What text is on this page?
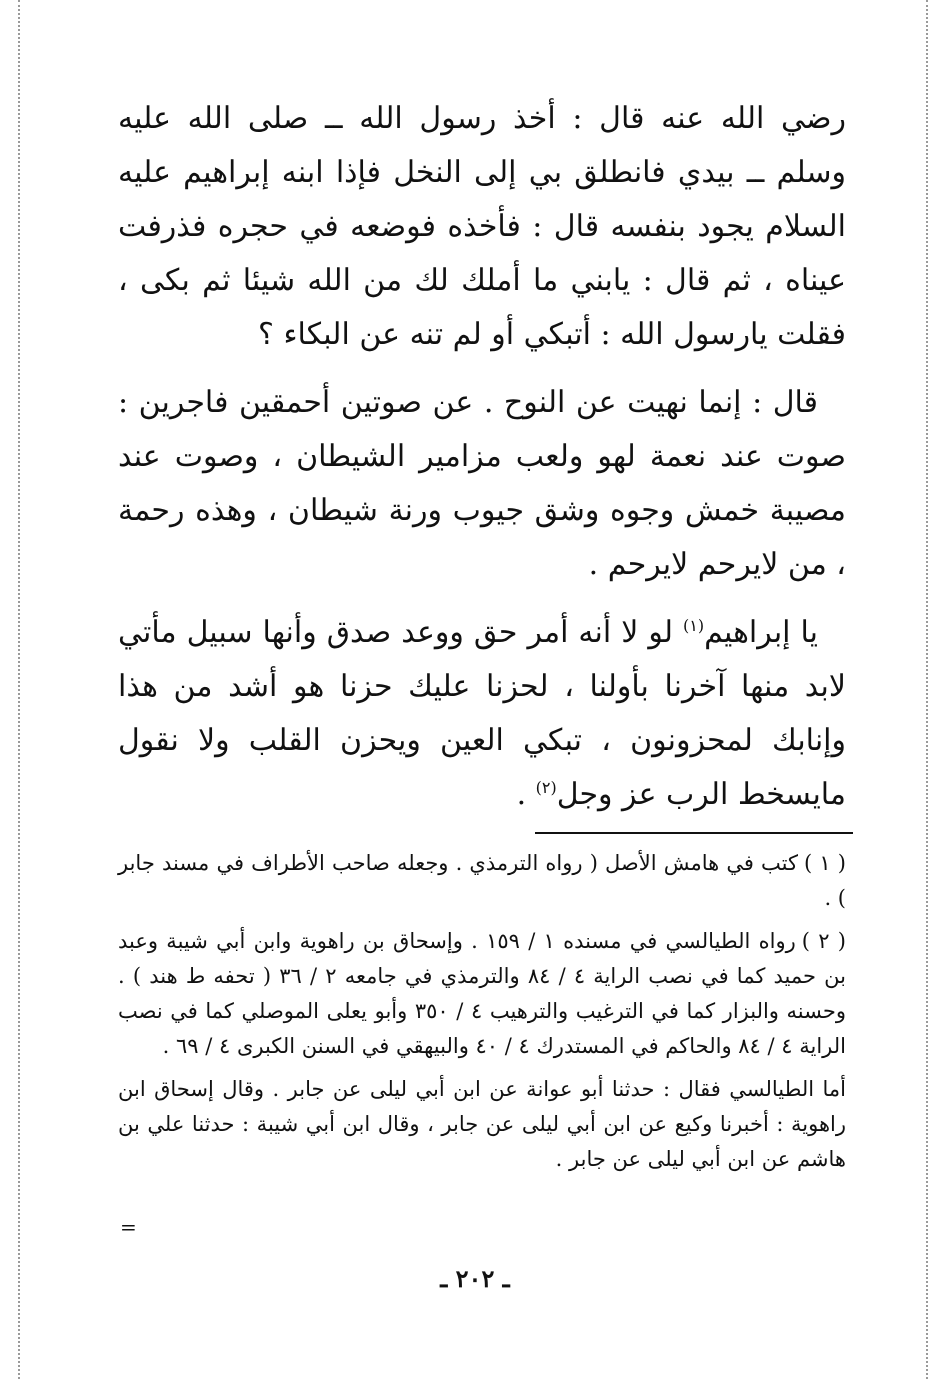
رضي الله عنه قال : أخذ رسول الله ــ صلى الله عليه وسلم ــ بيدي فانطلق بي إلى النخل فإذا ابنه إبراهيم عليه السلام يجود بنفسه قال : فأخذه فوضعه في حجره فذرفت عيناه ، ثم قال : يابني ما أملك لك من الله شيئا ثم بكى ، فقلت يارسول الله : أتبكي أو لم تنه عن البكاء ؟

قال : إنما نهيت عن النوح . عن صوتين أحمقين فاجرين : صوت عند نعمة لهو ولعب مزامير الشيطان ، وصوت عند مصيبة خمش وجوه وشق جيوب ورنة شيطان ، وهذه رحمة ، من لايرحم لايرحم .

يا إبراهيم$^{(١)}$ لو لا أنه أمر حق ووعد صدق وأنها سبيل مأتي لابد منها آخرنا بأولنا ، لحزنا عليك حزنا هو أشد من هذا وإنابك لمحزونون ، تبكي العين ويحزن القلب ولا نقول مايسخط الرب عز وجل$^{(٢)}$ .

( ١ )كتب في هامش الأصل ( رواه الترمذي . وجعله صاحب الأطراف في مسند جابر ) .

( ٢ )رواه الطيالسي في مسنده ١ / ١٥٩ . وإسحاق بن راهوية وابن أبي شيبة وعبد بن حميد كما في نصب الراية ٤ / ٨٤ والترمذي في جامعه ٢ / ٣٦ ( تحفه ط هند ) . وحسنه والبزار كما في الترغيب والترهيب ٤ / ٣٥٠ وأبو يعلى الموصلي كما في نصب الراية ٤ / ٨٤ والحاكم في المستدرك ٤ / ٤٠ والبيهقي في السنن الكبرى ٤ / ٦٩ .

أما الطيالسي فقال : حدثنا أبو عوانة عن ابن أبي ليلى عن جابر . وقال إسحاق ابن راهوية : أخبرنا وكيع عن ابن أبي ليلى عن جابر ، وقال ابن أبي شيبة : حدثنا علي بن هاشم عن ابن أبي ليلى عن جابر .

=
ـ ٢٠٢ ـ
